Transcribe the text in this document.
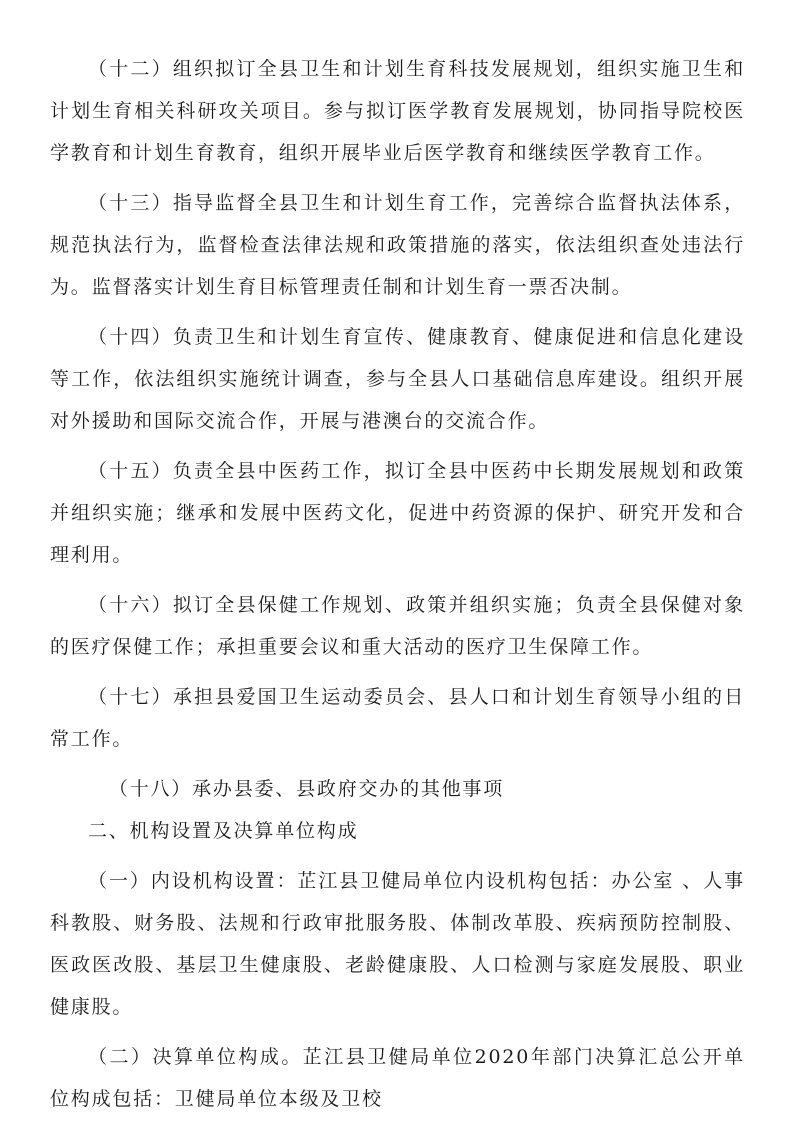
（十二）组织拟订全县卫生和计划生育科技发展规划，组织实施卫生和计划生育相关科研攻关项目。参与拟订医学教育发展规划，协同指导院校医学教育和计划生育教育，组织开展毕业后医学教育和继续医学教育工作。

（十三）指导监督全县卫生和计划生育工作，完善综合监督执法体系，规范执法行为，监督检查法律法规和政策措施的落实，依法组织查处违法行为。监督落实计划生育目标管理责任制和计划生育一票否决制。

（十四）负责卫生和计划生育宣传、健康教育、健康促进和信息化建设等工作，依法组织实施统计调查，参与全县人口基础信息库建设。组织开展对外援助和国际交流合作，开展与港澳台的交流合作。

（十五）负责全县中医药工作，拟订全县中医药中长期发展规划和政策并组织实施；继承和发展中医药文化，促进中药资源的保护、研究开发和合理利用。

（十六）拟订全县保健工作规划、政策并组织实施；负责全县保健对象的医疗保健工作；承担重要会议和重大活动的医疗卫生保障工作。

（十七）承担县爱国卫生运动委员会、县人口和计划生育领导小组的日常工作。

（十八）承办县委、县政府交办的其他事项

二、机构设置及决算单位构成

（一）内设机构设置：芷江县卫健局单位内设机构包括：办公室 、人事科教股、财务股、法规和行政审批服务股、体制改革股、疾病预防控制股、医政医改股、基层卫生健康股、老龄健康股、人口检测与家庭发展股、职业健康股。

（二）决算单位构成。芷江县卫健局单位2020年部门决算汇总公开单位构成包括：卫健局单位本级及卫校
